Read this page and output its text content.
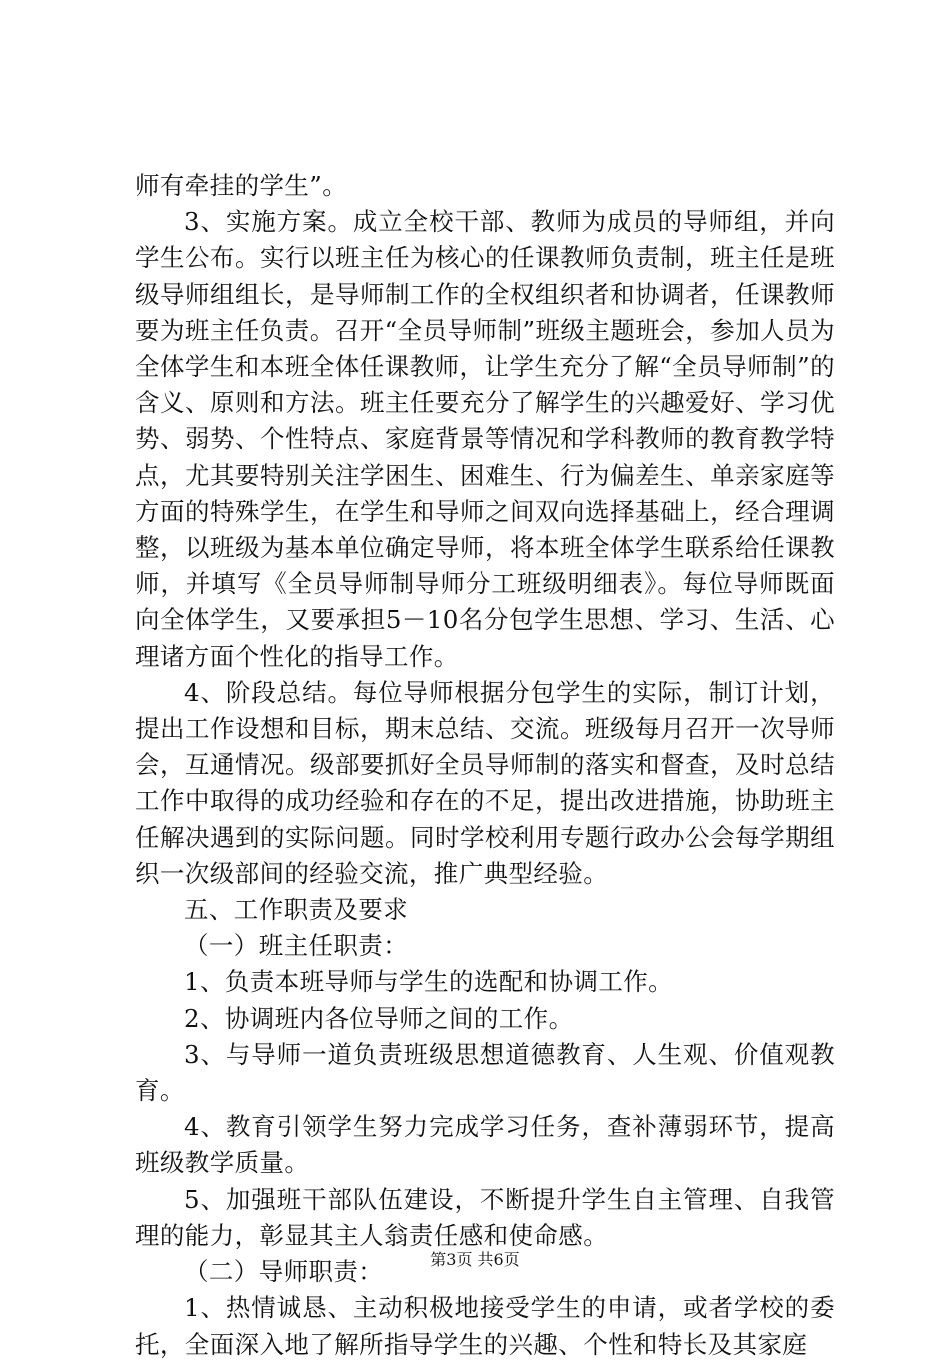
师有牵挂的学生”。

3、实施方案。成立全校干部、教师为成员的导师组，并向学生公布。实行以班主任为核心的任课教师负责制，班主任是班级导师组组长，是导师制工作的全权组织者和协调者，任课教师要为班主任负责。召开“全员导师制”班级主题班会，参加人员为全体学生和本班全体任课教师，让学生充分了解“全员导师制”的含义、原则和方法。班主任要充分了解学生的兴趣爱好、学习优势、弱势、个性特点、家庭背景等情况和学科教师的教育教学特点，尤其要特别关注学困生、困难生、行为偏差生、单亲家庭等方面的特殊学生，在学生和导师之间双向选择基础上，经合理调整，以班级为基本单位确定导师，将本班全体学生联系给任课教师，并填写《全员导师制导师分工班级明细表》。每位导师既面向全体学生，又要承担5－10名分包学生思想、学习、生活、心理诸方面个性化的指导工作。

4、阶段总结。每位导师根据分包学生的实际，制订计划，提出工作设想和目标，期末总结、交流。班级每月召开一次导师会，互通情况。级部要抓好全员导师制的落实和督查，及时总结工作中取得的成功经验和存在的不足，提出改进措施，协助班主任解决遇到的实际问题。同时学校利用专题行政办公会每学期组织一次级部间的经验交流，推广典型经验。

五、工作职责及要求

（一）班主任职责：

1、负责本班导师与学生的选配和协调工作。

2、协调班内各位导师之间的工作。

3、与导师一道负责班级思想道德教育、人生观、价值观教育。

4、教育引领学生努力完成学习任务，查补薄弱环节，提高班级教学质量。

5、加强班干部队伍建设，不断提升学生自主管理、自我管理的能力，彰显其主人翁责任感和使命感。

（二）导师职责：

1、热情诚恳、主动积极地接受学生的申请，或者学校的委托，全面深入地了解所指导学生的兴趣、个性和特长及其家庭

第3页 共6页
